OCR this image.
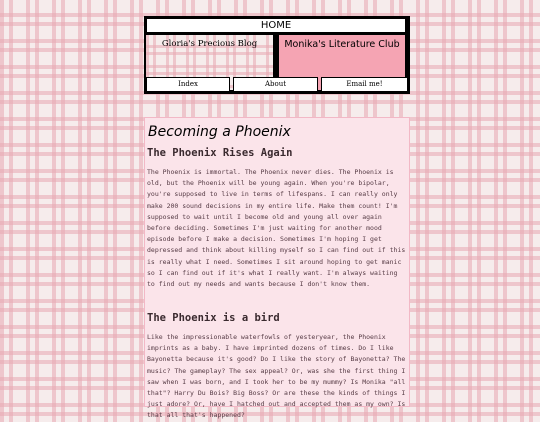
HOME
Gloria's Precious Blog	Monika's Literature Club
Index	About	Email me!
Becoming a Phoenix
The Phoenix Rises Again

The Phoenix is immortal. The Phoenix never dies. The Phoenix is old, but the Phoenix will be young again. When you're bipolar, you're supposed to live in terms of lifespans. I can really only make 200 sound decisions in my entire life. Make them count! I'm supposed to wait until I become old and young all over again before deciding. Sometimes I'm just waiting for another mood episode before I make a decision. Sometimes I'm hoping I get depressed and think about killing myself so I can find out if this is really what I need. Sometimes I sit around hoping to get manic so I can find out if it's what I really want. I'm always waiting to find out my needs and wants because I don't know them.

The Phoenix is a bird

Like the impressionable waterfowls of yesteryear, the Phoenix imprints as a baby. I have imprinted dozens of times. Do I like Bayonetta because it's good? Do I like the story of Bayonetta? The music? The gameplay? The sex appeal? Or, was she the first thing I saw when I was born, and I took her to be my mummy? Is Monika "all that"? Harry Du Bois? Big Boss? Or are these the kinds of things I just adore? Or, have I hatched out and accepted them as my own? Is that all that's happened?
